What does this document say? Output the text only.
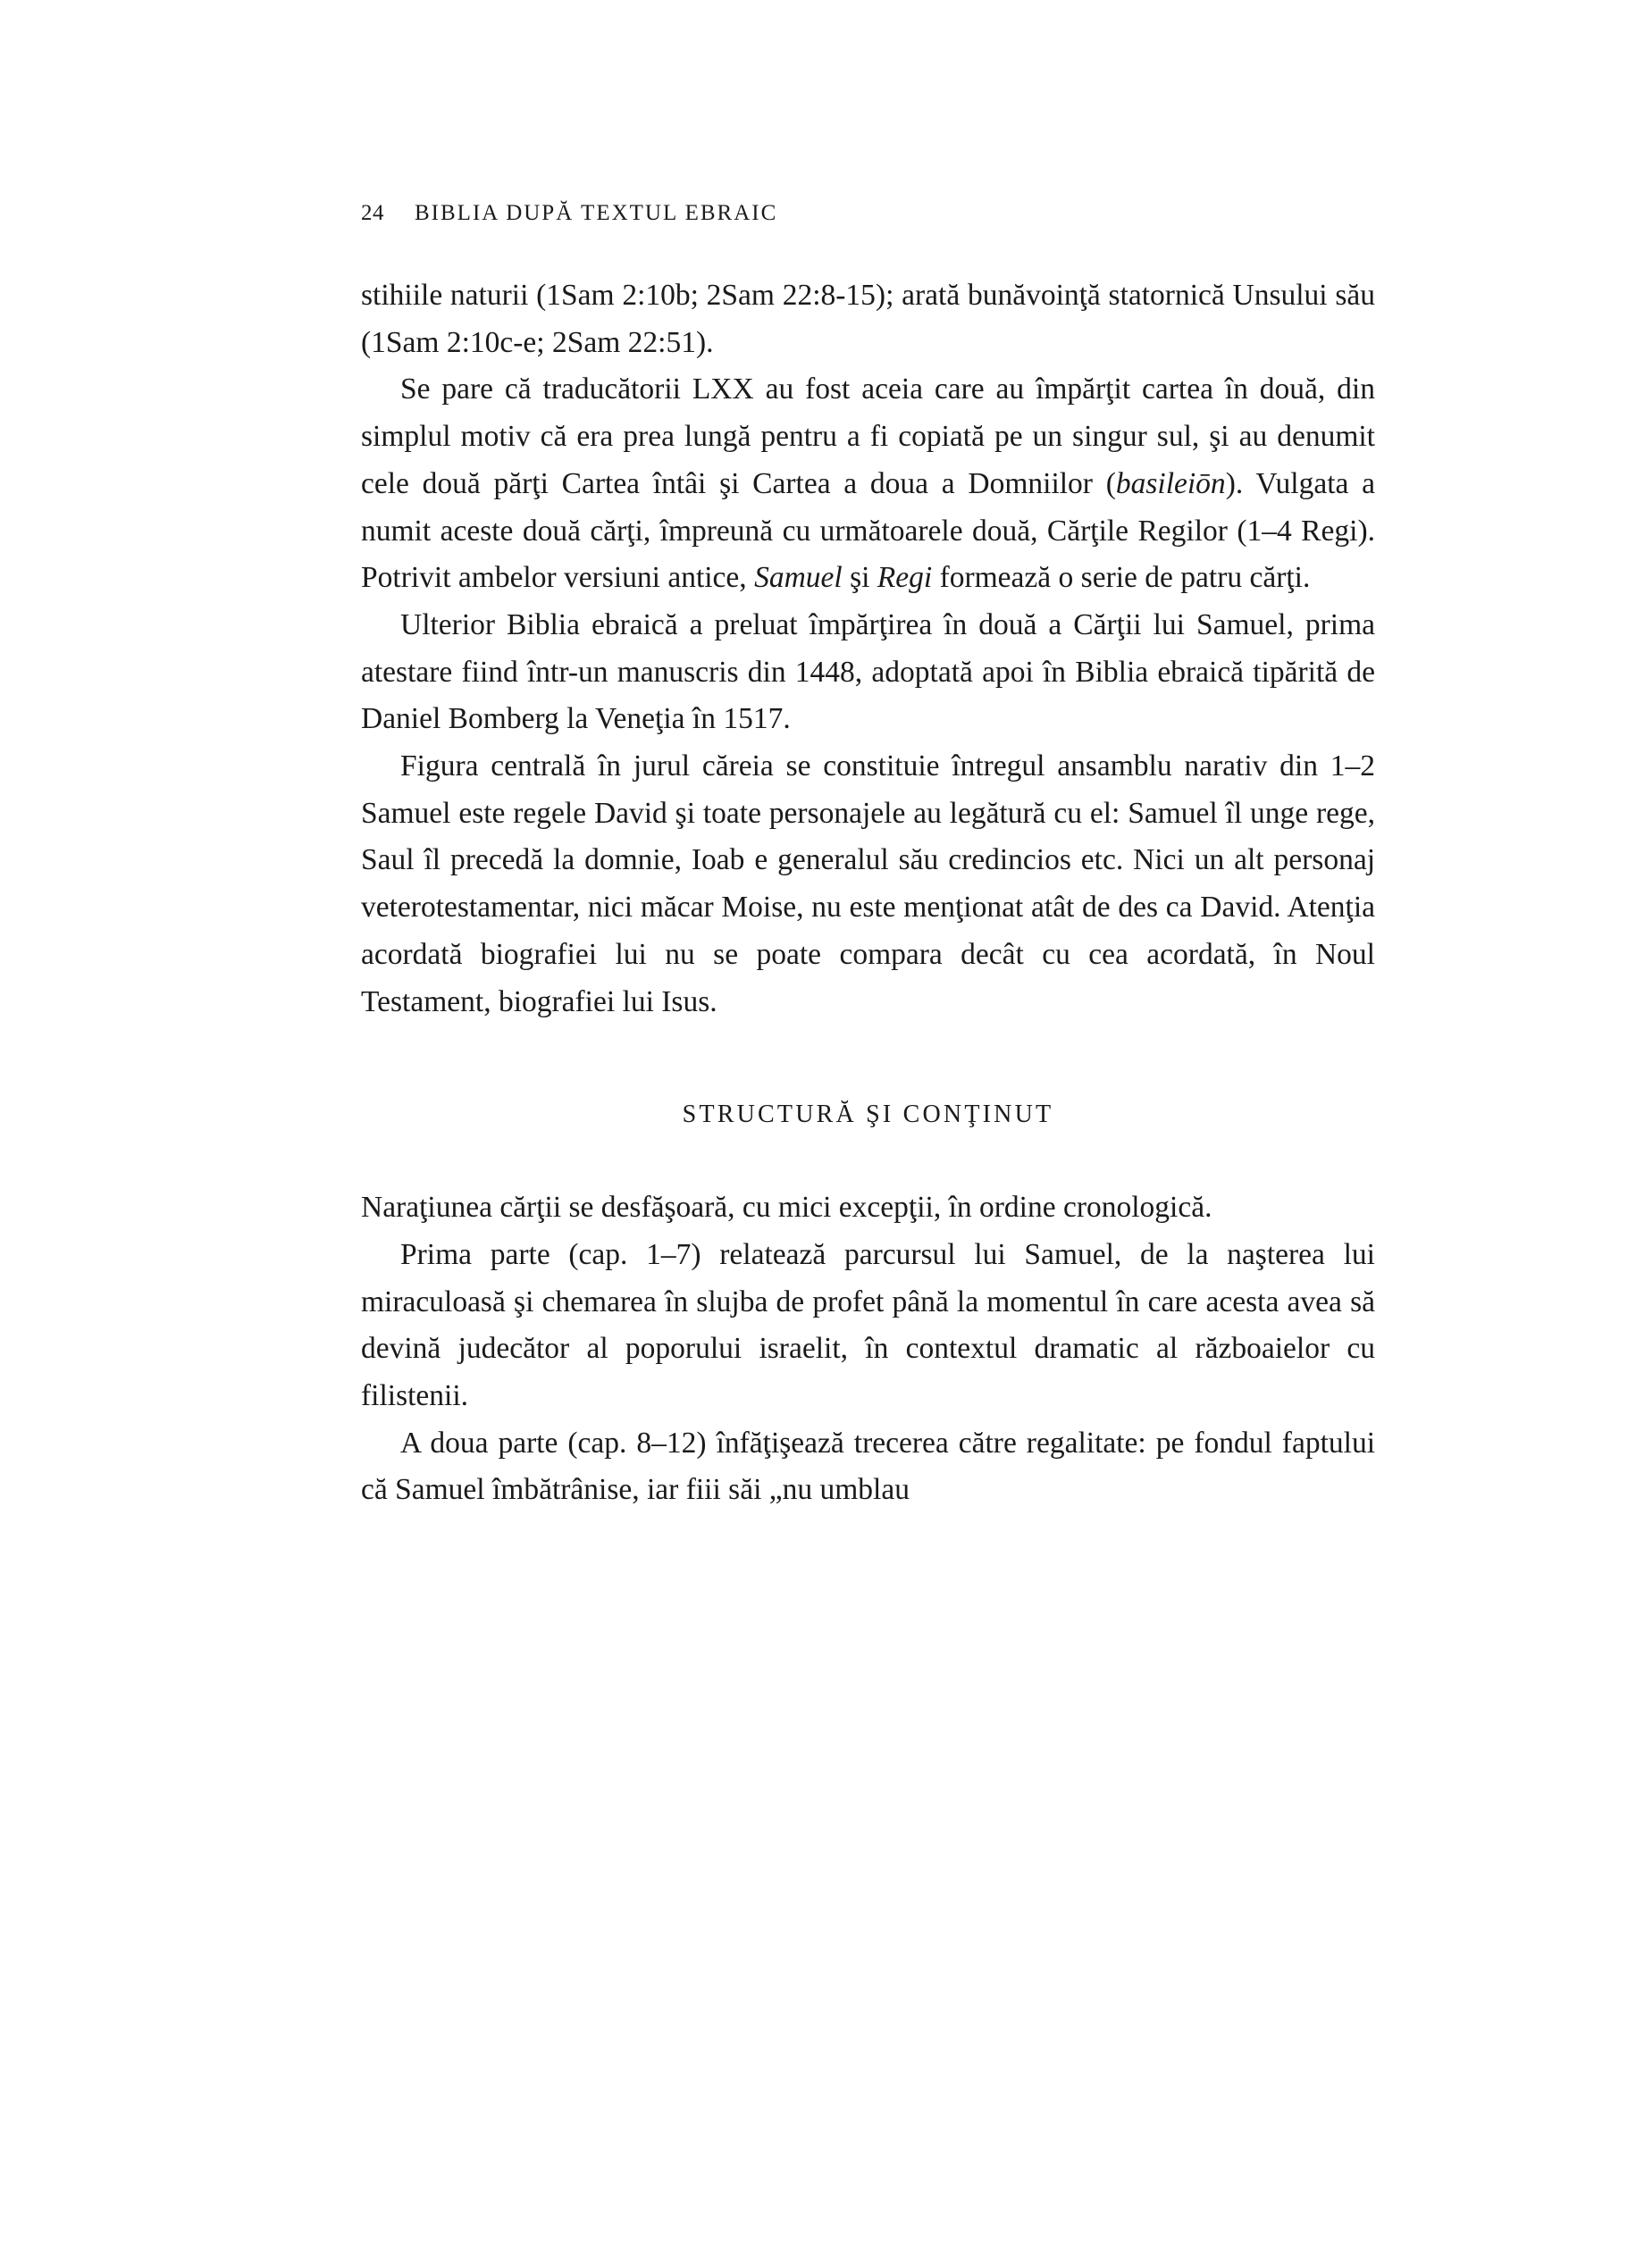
24 BIBLIA DUPĂ TEXTUL EBRAIC

stihiile naturii (1Sam 2:10b; 2Sam 22:8-15); arată bunăvoinţă statornică Unsului său (1Sam 2:10c-e; 2Sam 22:51).

Se pare că traducătorii LXX au fost aceia care au împărţit cartea în două, din simplul motiv că era prea lungă pentru a fi copiată pe un singur sul, şi au denumit cele două părţi Cartea întâi şi Cartea a doua a Domniilor (basileiōn). Vulgata a numit aceste două cărţi, împreună cu următoarele două, Cărţile Regilor (1–4 Regi). Potrivit ambelor versiuni antice, Samuel şi Regi formează o serie de patru cărţi.

Ulterior Biblia ebraică a preluat împărţirea în două a Cărţii lui Samuel, prima atestare fiind într-un manuscris din 1448, adoptată apoi în Biblia ebraică tipărită de Daniel Bomberg la Veneţia în 1517.

Figura centrală în jurul căreia se constituie întregul ansamblu narativ din 1–2 Samuel este regele David şi toate personajele au legătură cu el: Samuel îl unge rege, Saul îl precedă la domnie, Ioab e generalul său credincios etc. Nici un alt personaj veterotestamentar, nici măcar Moise, nu este menţionat atât de des ca David. Atenţia acordată biografiei lui nu se poate compara decât cu cea acordată, în Noul Testament, biografiei lui Isus.

STRUCTURĂ ŞI CONŢINUT

Naraţiunea cărţii se desfăşoară, cu mici excepţii, în ordine cronologică.

Prima parte (cap. 1–7) relatează parcursul lui Samuel, de la naşterea lui miraculoasă şi chemarea în slujba de profet până la momentul în care acesta avea să devină judecător al poporului israelit, în contextul dramatic al războaielor cu filistenii.

A doua parte (cap. 8–12) înfăţişează trecerea către regalitate: pe fondul faptului că Samuel îmbătrânise, iar fiii săi „nu umblau
